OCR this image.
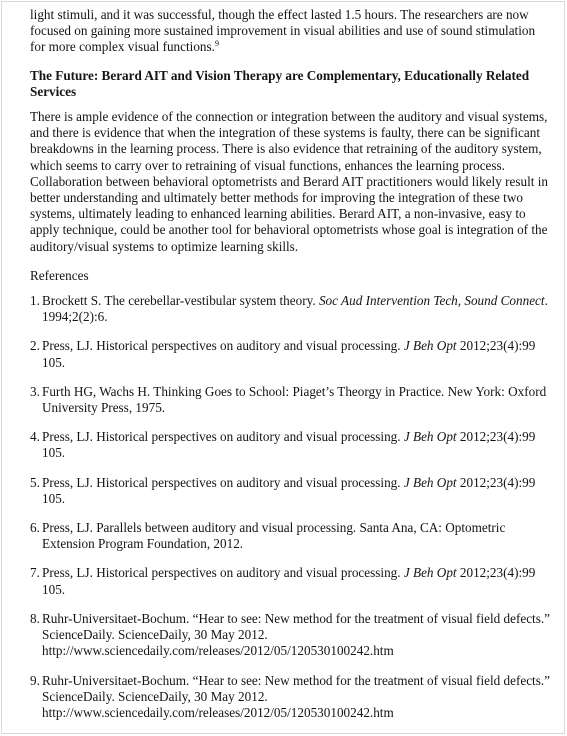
light stimuli, and it was successful, though the effect lasted 1.5 hours. The researchers are now focused on gaining more sustained improvement in visual abilities and use of sound stimulation for more complex visual functions.$^9$

The Future: Berard AIT and Vision Therapy are Complementary, Educationally Related Services

There is ample evidence of the connection or integration between the auditory and visual systems, and there is evidence that when the integration of these systems is faulty, there can be significant breakdowns in the learning process. There is also evidence that retraining of the auditory system, which seems to carry over to retraining of visual functions, enhances the learning process. Collaboration between behavioral optometrists and Berard AIT practitioners would likely result in better understanding and ultimately better methods for improving the integration of these two systems, ultimately leading to enhanced learning abilities. Berard AIT, a non-invasive, easy to apply technique, could be another tool for behavioral optometrists whose goal is integration of the auditory/visual systems to optimize learning skills.

References

1. Brockett S. The cerebellar-vestibular system theory. Soc Aud Intervention Tech, Sound Connect. 1994;2(2):6.
2. Press, LJ. Historical perspectives on auditory and visual processing. J Beh Opt 2012;23(4):99 105.
3. Furth HG, Wachs H. Thinking Goes to School: Piaget’s Theorgy in Practice. New York: Oxford University Press, 1975.
4. Press, LJ. Historical perspectives on auditory and visual processing. J Beh Opt 2012;23(4):99 105.
5. Press, LJ. Historical perspectives on auditory and visual processing. J Beh Opt 2012;23(4):99 105.
6. Press, LJ. Parallels between auditory and visual processing. Santa Ana, CA: Optometric Extension Program Foundation, 2012.
7. Press, LJ. Historical perspectives on auditory and visual processing. J Beh Opt 2012;23(4):99 105.
8. Ruhr-Universitaet-Bochum. “Hear to see: New method for the treatment of visual field defects.” ScienceDaily. ScienceDaily, 30 May 2012. http://www.sciencedaily.com/releases/2012/05/120530100242.htm
9. Ruhr-Universitaet-Bochum. “Hear to see: New method for the treatment of visual field defects.” ScienceDaily. ScienceDaily, 30 May 2012. http://www.sciencedaily.com/releases/2012/05/120530100242.htm
